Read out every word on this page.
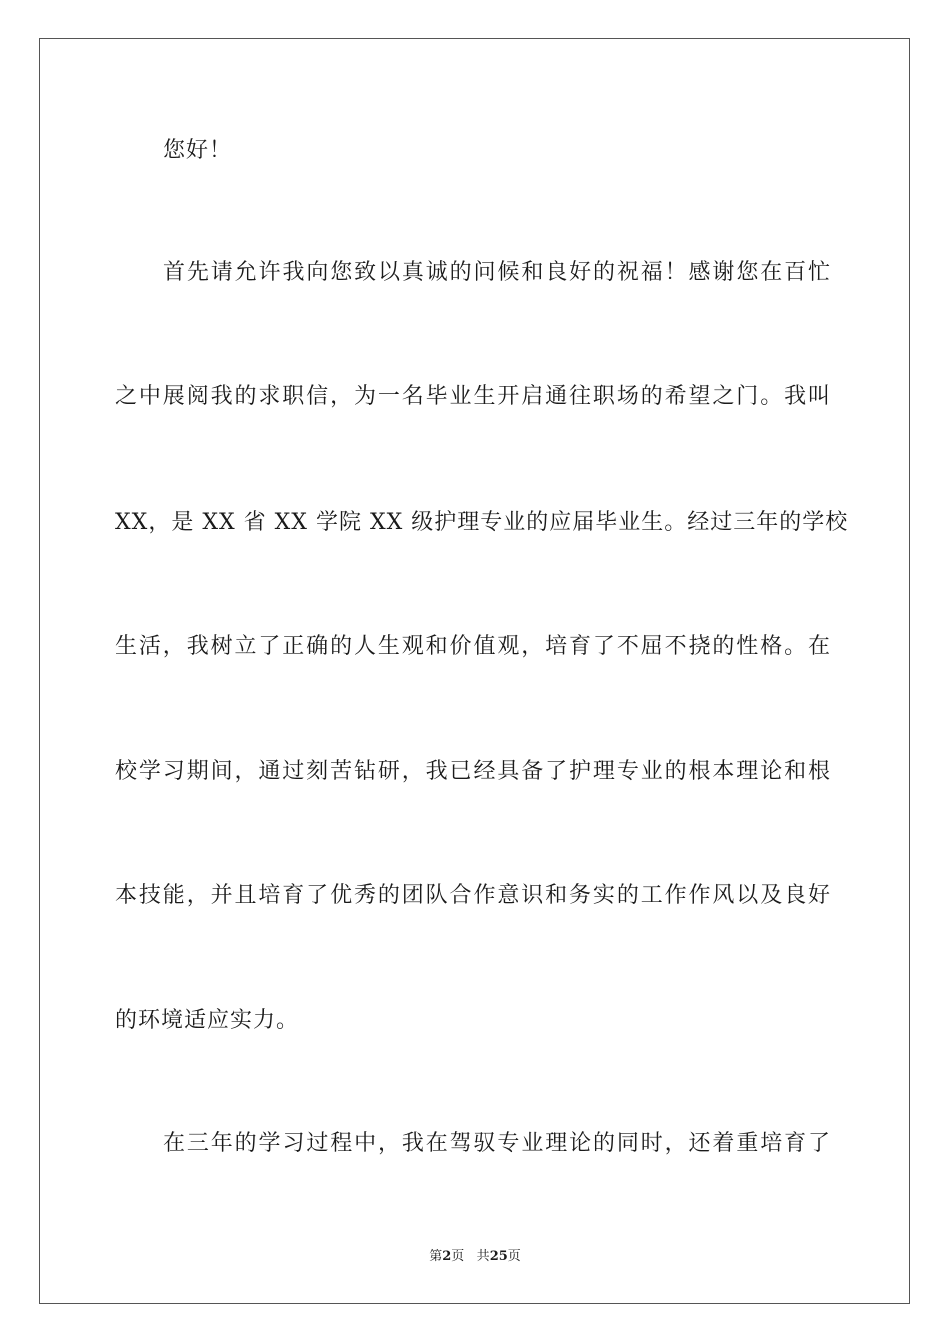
您好！
首先请允许我向您致以真诚的问候和良好的祝福！感谢您在百忙
之中展阅我的求职信，为一名毕业生开启通往职场的希望之门。我叫
XX，是 XX 省 XX 学院 XX 级护理专业的应届毕业生。经过三年的学校
生活，我树立了正确的人生观和价值观，培育了不屈不挠的性格。在
校学习期间，通过刻苦钻研，我已经具备了护理专业的根本理论和根
本技能，并且培育了优秀的团队合作意识和务实的工作作风以及良好
的环境适应实力。
在三年的学习过程中，我在驾驭专业理论的同时，还着重培育了
第2页 共25页
